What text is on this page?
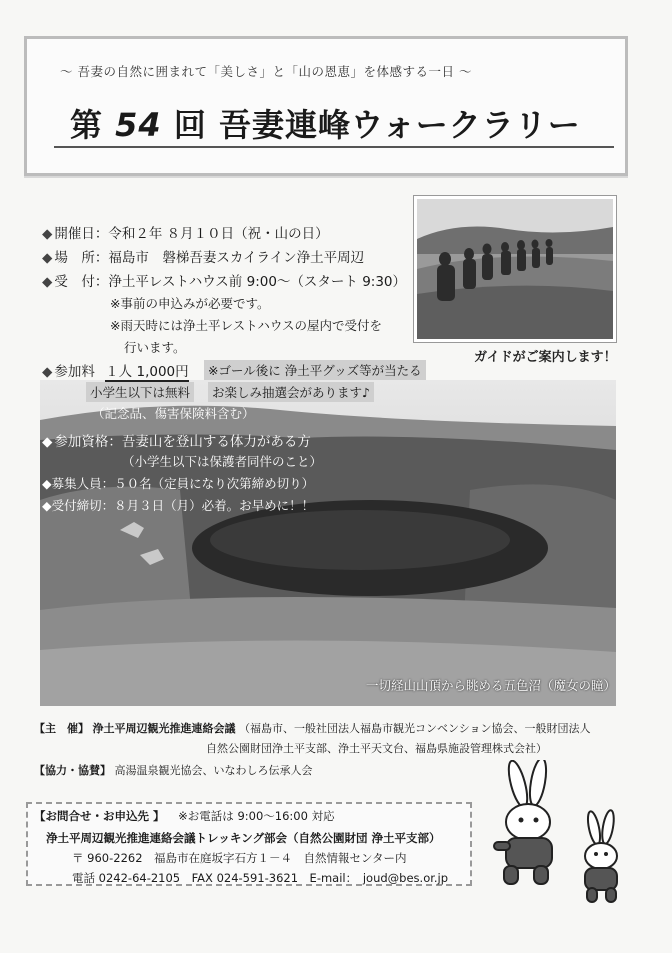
～ 吾妻の自然に囲まれて「美しさ」と「山の恩恵」を体感する一日 ～
第 54 回 吾妻連峰ウォークラリー
ガイドがご案内します！
◆ 開催日：令和２年 ８月１０日（祝・山の日）
◆ 場　所：福島市　磐梯吾妻スカイライン浄土平周辺
◆ 受　付：浄土平レストハウス前 9:00～（スタート 9:30）
※事前の申込みが必要です。
※雨天時には浄土平レストハウスの屋内で受付を
行います。
◆ 参加料 １人 1,000円	※ゴール後に 浄土平グッズ等が当たる
小学生以下は無料	お楽しみ抽選会があります♪
（記念品、傷害保険料含む）
◆ 参加資格：吾妻山を登山する体力がある方
（小学生以下は保護者同伴のこと）
◆募集人員：５０名（定員になり次第締め切り）
◆受付締切：８月３日（月）必着。お早めに！！
一切経山山頂から眺める五色沼（魔女の瞳）
【主　催】 浄土平周辺観光推進連絡会議 （福島市、一般社団法人福島市観光コンベンション協会、一般財団法人
自然公園財団浄土平支部、浄土平天文台、福島県施設管理株式会社）
【協力・協賛】 高湯温泉観光協会、いなわしろ伝承人会
【お問合せ・お申込先 】 ※お電話は 9:00～16:00 対応
浄土平周辺観光推進連絡会議トレッキング部会（自然公園財団 浄土平支部）
〒 960-2262　福島市在庭坂字石方１－４　自然情報センター内
電話 0242-64-2105　FAX 024-591-3621　E-mail：　joud@bes.or.jp
